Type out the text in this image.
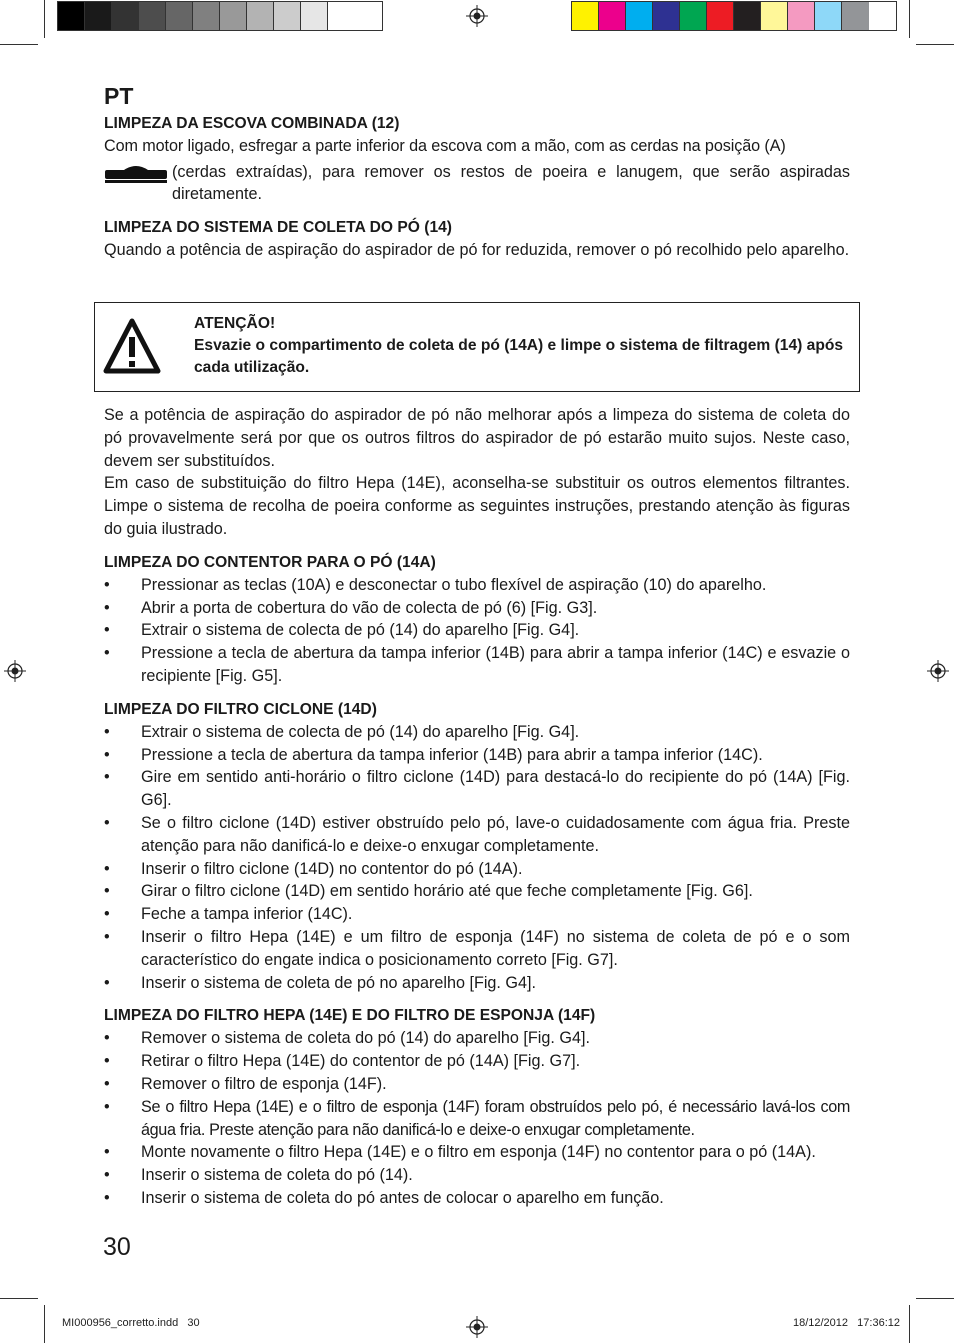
PT
LIMPEZA DA ESCOVA COMBINADA (12)

Com motor ligado, esfregar a parte inferior da escova com a mão, com as cerdas na posição (A)

(cerdas extraídas), para remover os restos de poeira e lanugem, que serão aspiradas diretamente.

LIMPEZA DO SISTEMA DE COLETA DO PÓ (14)

Quando a potência de aspiração do aspirador de pó for reduzida, remover o pó recolhido pelo aparelho.

ATENÇÃO!
Esvazie o compartimento de coleta de pó (14A) e limpe o sistema de filtragem (14) após cada utilização.

Se a potência de aspiração do aspirador de pó não melhorar após a limpeza do sistema de coleta do pó provavelmente será por que os outros filtros do aspirador de pó estarão muito sujos. Neste caso, devem ser substituídos.

Em caso de substituição do filtro Hepa (14E), aconselha-se substituir os outros elementos filtrantes. Limpe o sistema de recolha de poeira conforme as seguintes instruções, prestando atenção às figuras do guia ilustrado.

LIMPEZA DO CONTENTOR PARA O PÓ (14A)
• Pressionar as teclas (10A) e desconectar o tubo flexível de aspiração (10) do aparelho.
• Abrir a porta de cobertura do vão de colecta de pó (6) [Fig. G3].
• Extrair o sistema de colecta de pó (14) do aparelho [Fig. G4].
• Pressione a tecla de abertura da tampa inferior (14B) para abrir a tampa inferior (14C) e esvazie o recipiente [Fig. G5].
LIMPEZA DO FILTRO CICLONE (14D)
• Extrair o sistema de colecta de pó (14) do aparelho [Fig. G4].
• Pressione a tecla de abertura da tampa inferior (14B) para abrir a tampa inferior (14C).
• Gire em sentido anti-horário o filtro ciclone (14D) para destacá-lo do recipiente do pó (14A) [Fig. G6].
• Se o filtro ciclone (14D) estiver obstruído pelo pó, lave-o cuidadosamente com água fria. Preste atenção para não danificá-lo e deixe-o enxugar completamente.
• Inserir o filtro ciclone (14D) no contentor do pó (14A).
• Girar o filtro ciclone (14D) em sentido horário até que feche completamente [Fig. G6].
• Feche a tampa inferior (14C).
• Inserir o filtro Hepa (14E) e um filtro de esponja (14F) no sistema de coleta de pó e o som característico do engate indica o posicionamento correto [Fig. G7].
• Inserir o sistema de coleta de pó no aparelho [Fig. G4].
LIMPEZA DO FILTRO HEPA (14E) E DO FILTRO DE ESPONJA (14F)
• Remover o sistema de coleta do pó (14) do aparelho [Fig. G4].
• Retirar o filtro Hepa (14E) do contentor de pó (14A) [Fig. G7].
• Remover o filtro de esponja (14F).
• Se o filtro Hepa (14E) e o filtro de esponja (14F) foram obstruídos pelo pó, é necessário lavá-los com água fria. Preste atenção para não danificá-lo e deixe-o enxugar completamente.
• Monte novamente o filtro Hepa (14E) e o filtro em esponja (14F) no contentor para o pó (14A).
• Inserir o sistema de coleta do pó (14).
• Inserir o sistema de coleta do pó antes de colocar o aparelho em função.
30
MI000956_corretto.indd   30	18/12/2012   17:36:12
